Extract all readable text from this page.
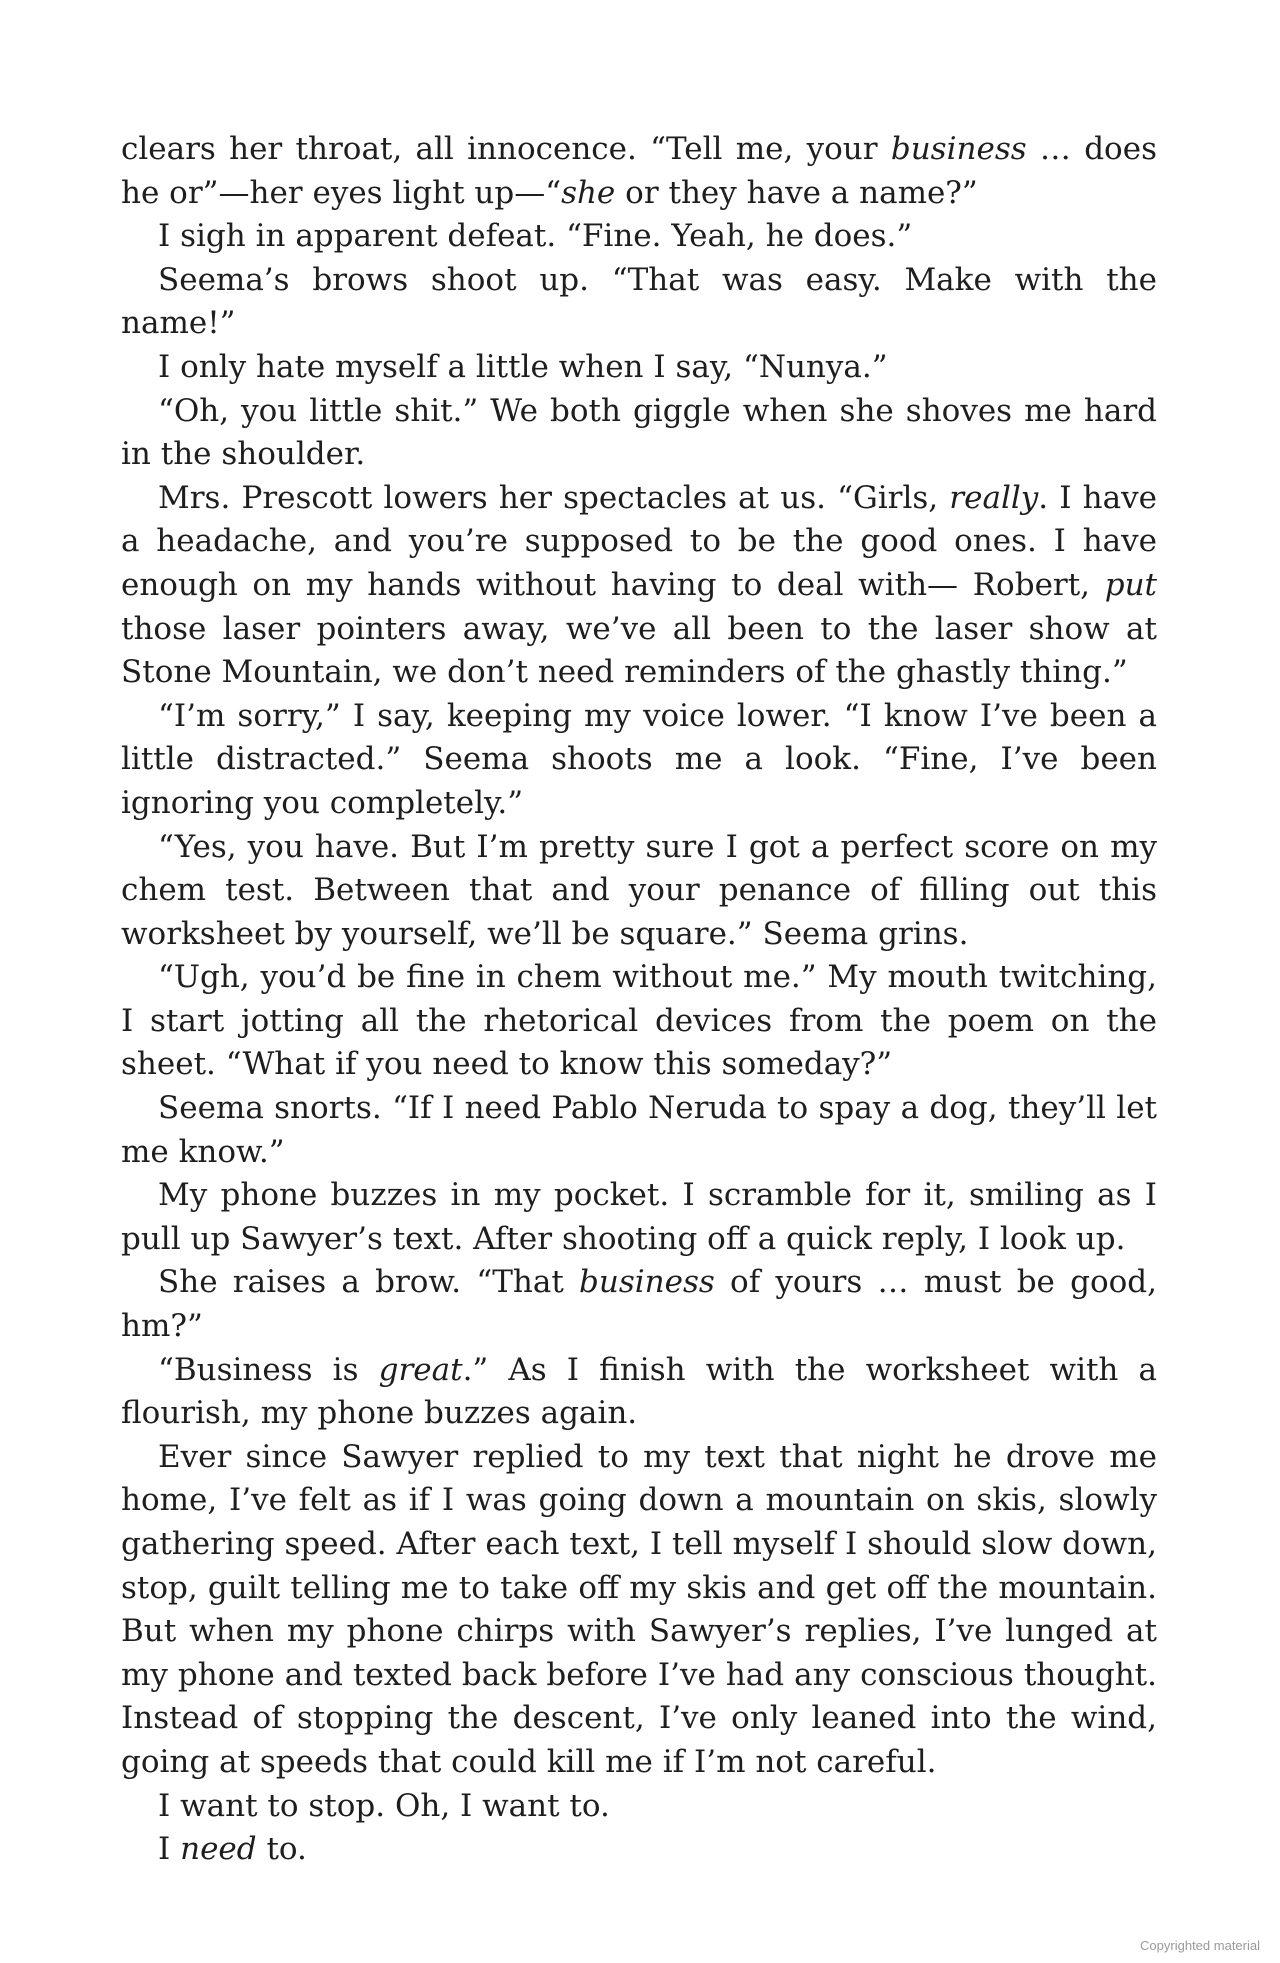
clears her throat, all innocence. “Tell me, your business … does he or”—her eyes light up—“she or they have a name?”

I sigh in apparent defeat. “Fine. Yeah, he does.”

Seema’s brows shoot up. “That was easy. Make with the name!”

I only hate myself a little when I say, “Nunya.”

“Oh, you little shit.” We both giggle when she shoves me hard in the shoulder.

Mrs. Prescott lowers her spectacles at us. “Girls, really. I have a headache, and you’re supposed to be the good ones. I have enough on my hands without having to deal with— Robert, put those laser pointers away, we’ve all been to the laser show at Stone Mountain, we don’t need reminders of the ghastly thing.”

“I’m sorry,” I say, keeping my voice lower. “I know I’ve been a little distracted.” Seema shoots me a look. “Fine, I’ve been ignoring you completely.”

“Yes, you have. But I’m pretty sure I got a perfect score on my chem test. Between that and your penance of filling out this worksheet by yourself, we’ll be square.” Seema grins.

“Ugh, you’d be fine in chem without me.” My mouth twitching, I start jotting all the rhetorical devices from the poem on the sheet. “What if you need to know this someday?”

Seema snorts. “If I need Pablo Neruda to spay a dog, they’ll let me know.”

My phone buzzes in my pocket. I scramble for it, smiling as I pull up Sawyer’s text. After shooting off a quick reply, I look up.

She raises a brow. “That business of yours … must be good, hm?”

“Business is great.” As I finish with the worksheet with a flourish, my phone buzzes again.

Ever since Sawyer replied to my text that night he drove me home, I’ve felt as if I was going down a mountain on skis, slowly gathering speed. After each text, I tell myself I should slow down, stop, guilt telling me to take off my skis and get off the mountain. But when my phone chirps with Sawyer’s replies, I’ve lunged at my phone and texted back before I’ve had any conscious thought. Instead of stopping the descent, I’ve only leaned into the wind, going at speeds that could kill me if I’m not careful.

I want to stop. Oh, I want to.

I need to.

Copyrighted material
